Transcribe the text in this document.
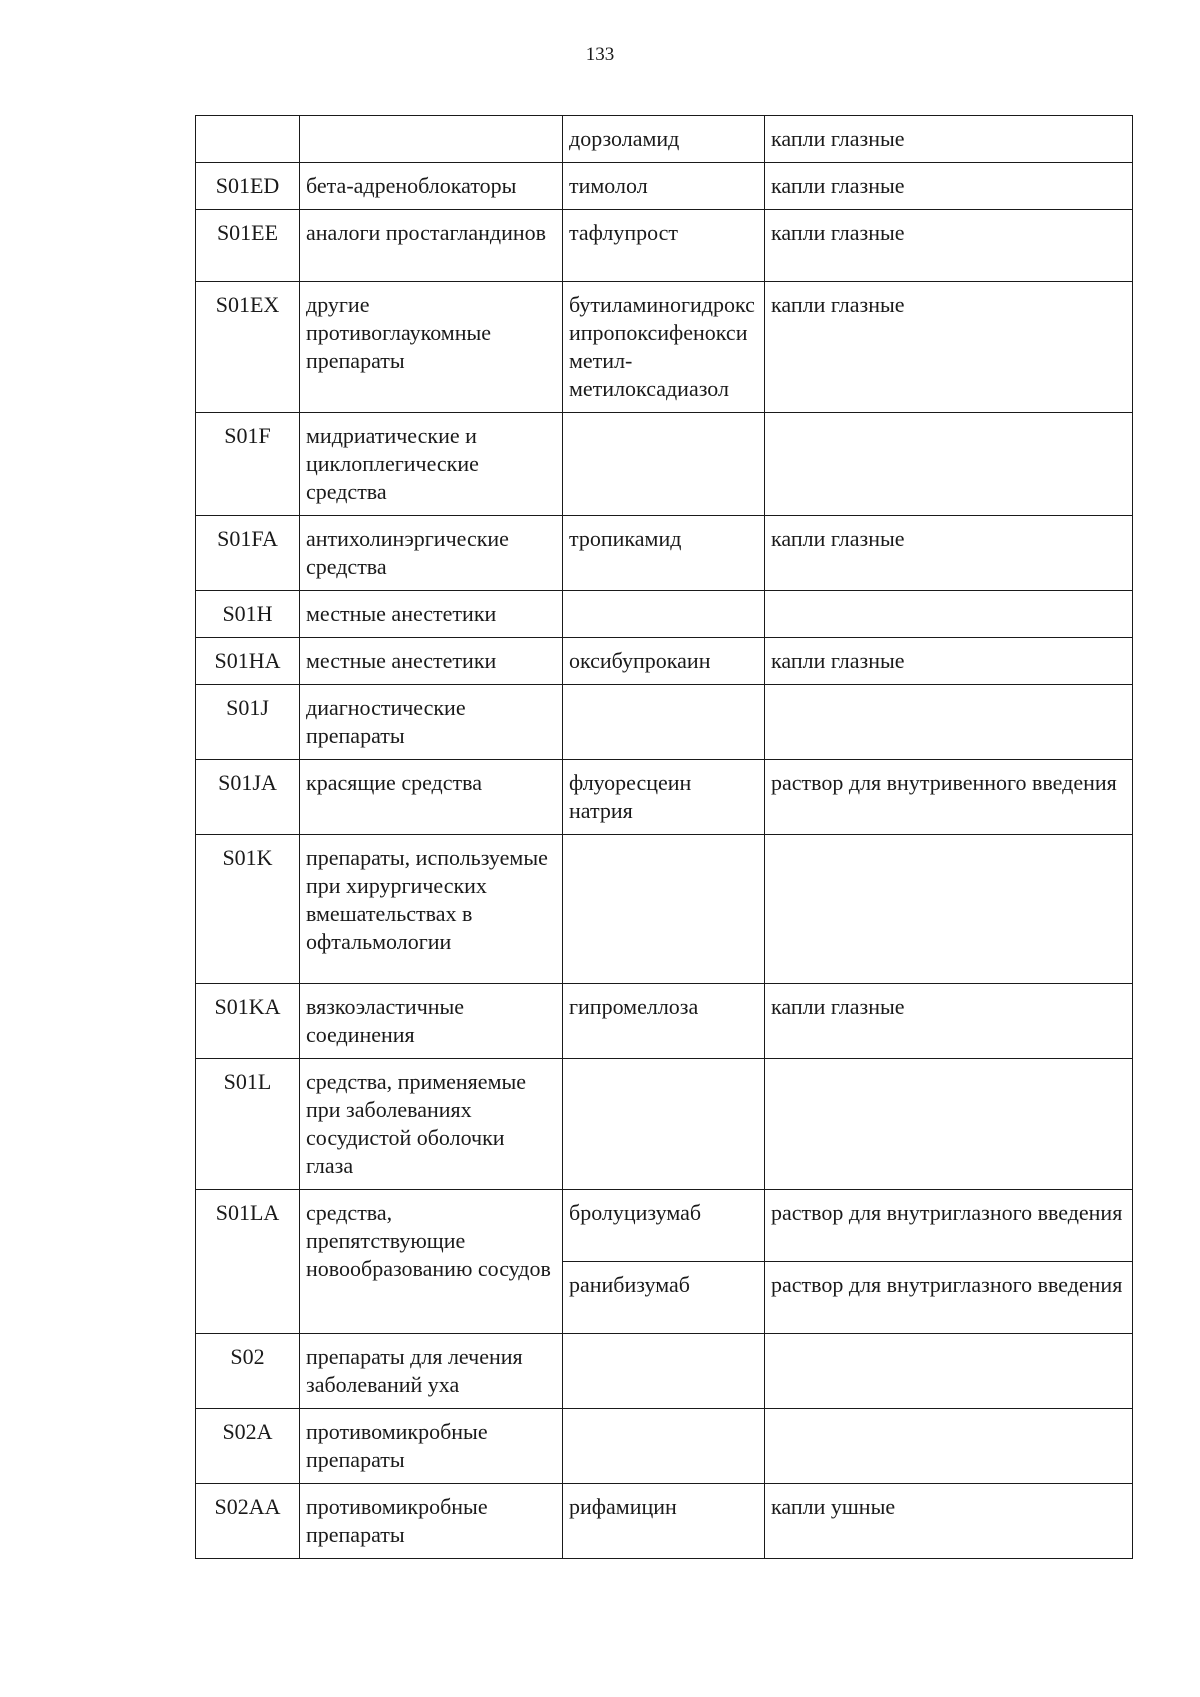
133
		дорзоламид	капли глазные
S01ED	бета-адреноблокаторы	тимолол	капли глазные
S01EE	аналоги простагландинов	тафлупрост	капли глазные
S01EX	другие противоглаукомные препараты	бутиламиногидроксипропоксифеноксиметил-метилоксадиазол	капли глазные
S01F	мидриатические и циклоплегические средства		
S01FA	антихолинэргические средства	тропикамид	капли глазные
S01H	местные анестетики		
S01HA	местные анестетики	оксибупрокаин	капли глазные
S01J	диагностические препараты		
S01JA	красящие средства	флуоресцеин натрия	раствор для внутривенного введения
S01K	препараты, используемые при хирургических вмешательствах в офтальмологии		
S01KA	вязкоэластичные соединения	гипромеллоза	капли глазные
S01L	средства, применяемые при заболеваниях сосудистой оболочки глаза		
S01LA	средства, препятствующие новообразованию сосудов	бролуцизумаб	раствор для внутриглазного введения
		ранибизумаб	раствор для внутриглазного введения
S02	препараты для лечения заболеваний уха		
S02A	противомикробные препараты		
S02AA	противомикробные препараты	рифамицин	капли ушные
